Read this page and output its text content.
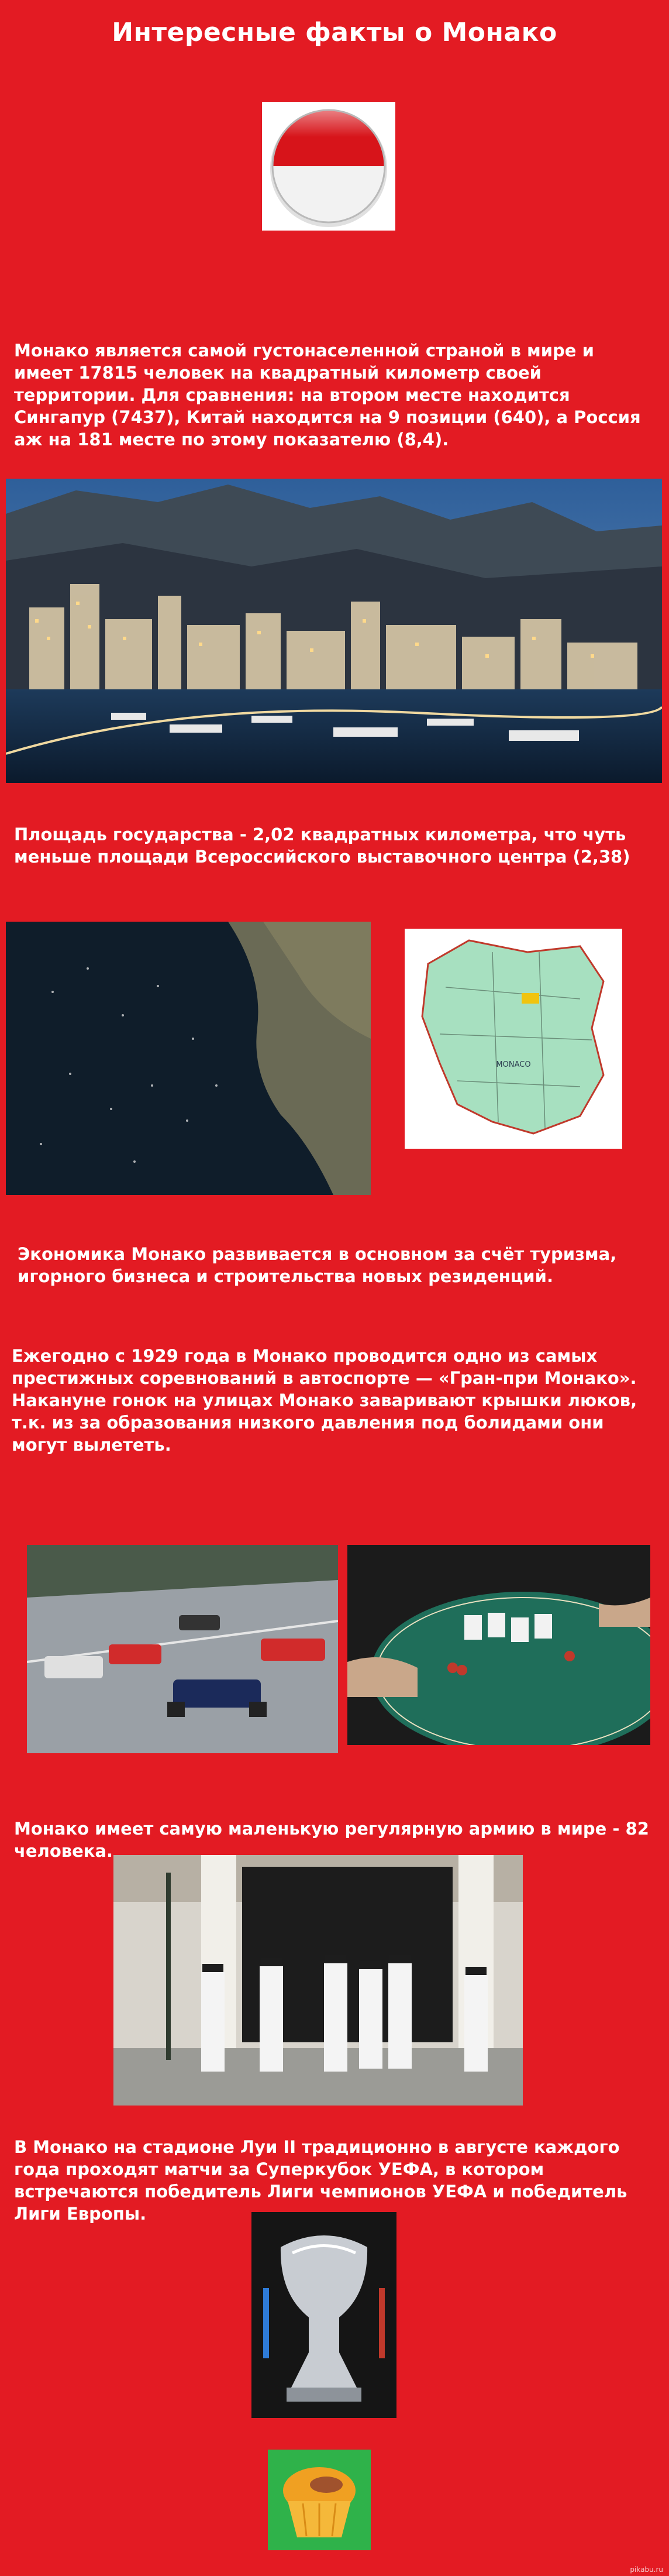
Интересные факты о Монако
Монако является самой густонаселенной страной в мире и имеет 17815 человек на квадратный километр своей территории. Для сравнения: на втором месте находится Сингапур (7437), Китай находится на 9 позиции (640), а Россия аж на 181 месте по этому показателю (8,4).
Площадь государства - 2,02 квадратных километра, что чуть меньше площади Всероссийского выставочного центра (2,38)
MONACO
Экономика Монако развивается в основном за счёт туризма, игорного бизнеса и строительства новых резиденций.
Ежегодно с 1929 года в Монако проводится одно из самых престижных соревнований в автоспорте — «Гран-при Монако». Накануне гонок на улицах Монако заваривают крышки люков, т.к. из за образования низкого давления под болидами они могут вылететь.
Монако имеет самую маленькую регулярную армию в мире - 82 человека.
В Монако на стадионе Луи II традиционно в августе каждого года проходят матчи за Суперкубок УЕФА, в котором встречаются победитель Лиги чемпионов УЕФА и победитель Лиги Европы.
pikabu.ru
